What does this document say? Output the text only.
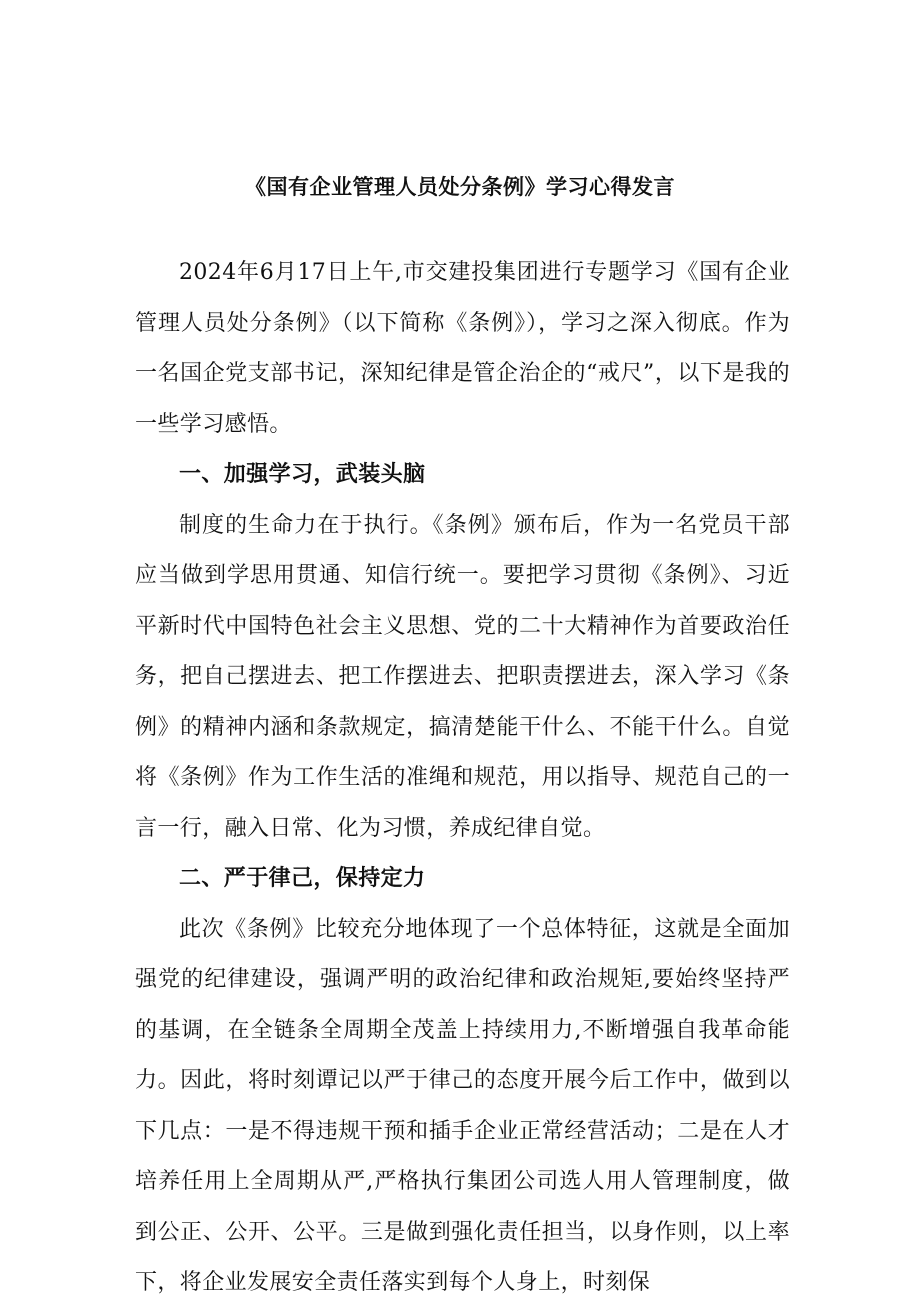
《国有企业管理人员处分条例》学习心得发言

2024年6月17日上午,市交建投集团进行专题学习《国有企业管理人员处分条例》（以下简称《条例》），学习之深入彻底。作为一名国企党支部书记，深知纪律是管企治企的“戒尺”，以下是我的一些学习感悟。

一、加强学习，武装头脑

制度的生命力在于执行。《条例》颁布后，作为一名党员干部应当做到学思用贯通、知信行统一。要把学习贯彻《条例》、习近平新时代中国特色社会主义思想、党的二十大精神作为首要政治任务，把自己摆进去、把工作摆进去、把职责摆进去，深入学习《条例》的精神内涵和条款规定，搞清楚能干什么、不能干什么。自觉将《条例》作为工作生活的准绳和规范，用以指导、规范自己的一言一行，融入日常、化为习惯，养成纪律自觉。

二、严于律己，保持定力

此次《条例》比较充分地体现了一个总体特征，这就是全面加强党的纪律建设，强调严明的政治纪律和政治规矩,要始终坚持严的基调，在全链条全周期全茂盖上持续用力,不断增强自我革命能力。因此，将时刻谭记以严于律己的态度开展今后工作中，做到以下几点：一是不得违规干预和插手企业正常经营活动；二是在人才培养任用上全周期从严,严格执行集团公司选人用人管理制度，做到公正、公开、公平。三是做到强化责任担当，以身作则，以上率下，将企业发展安全责任落实到每个人身上，时刻保
